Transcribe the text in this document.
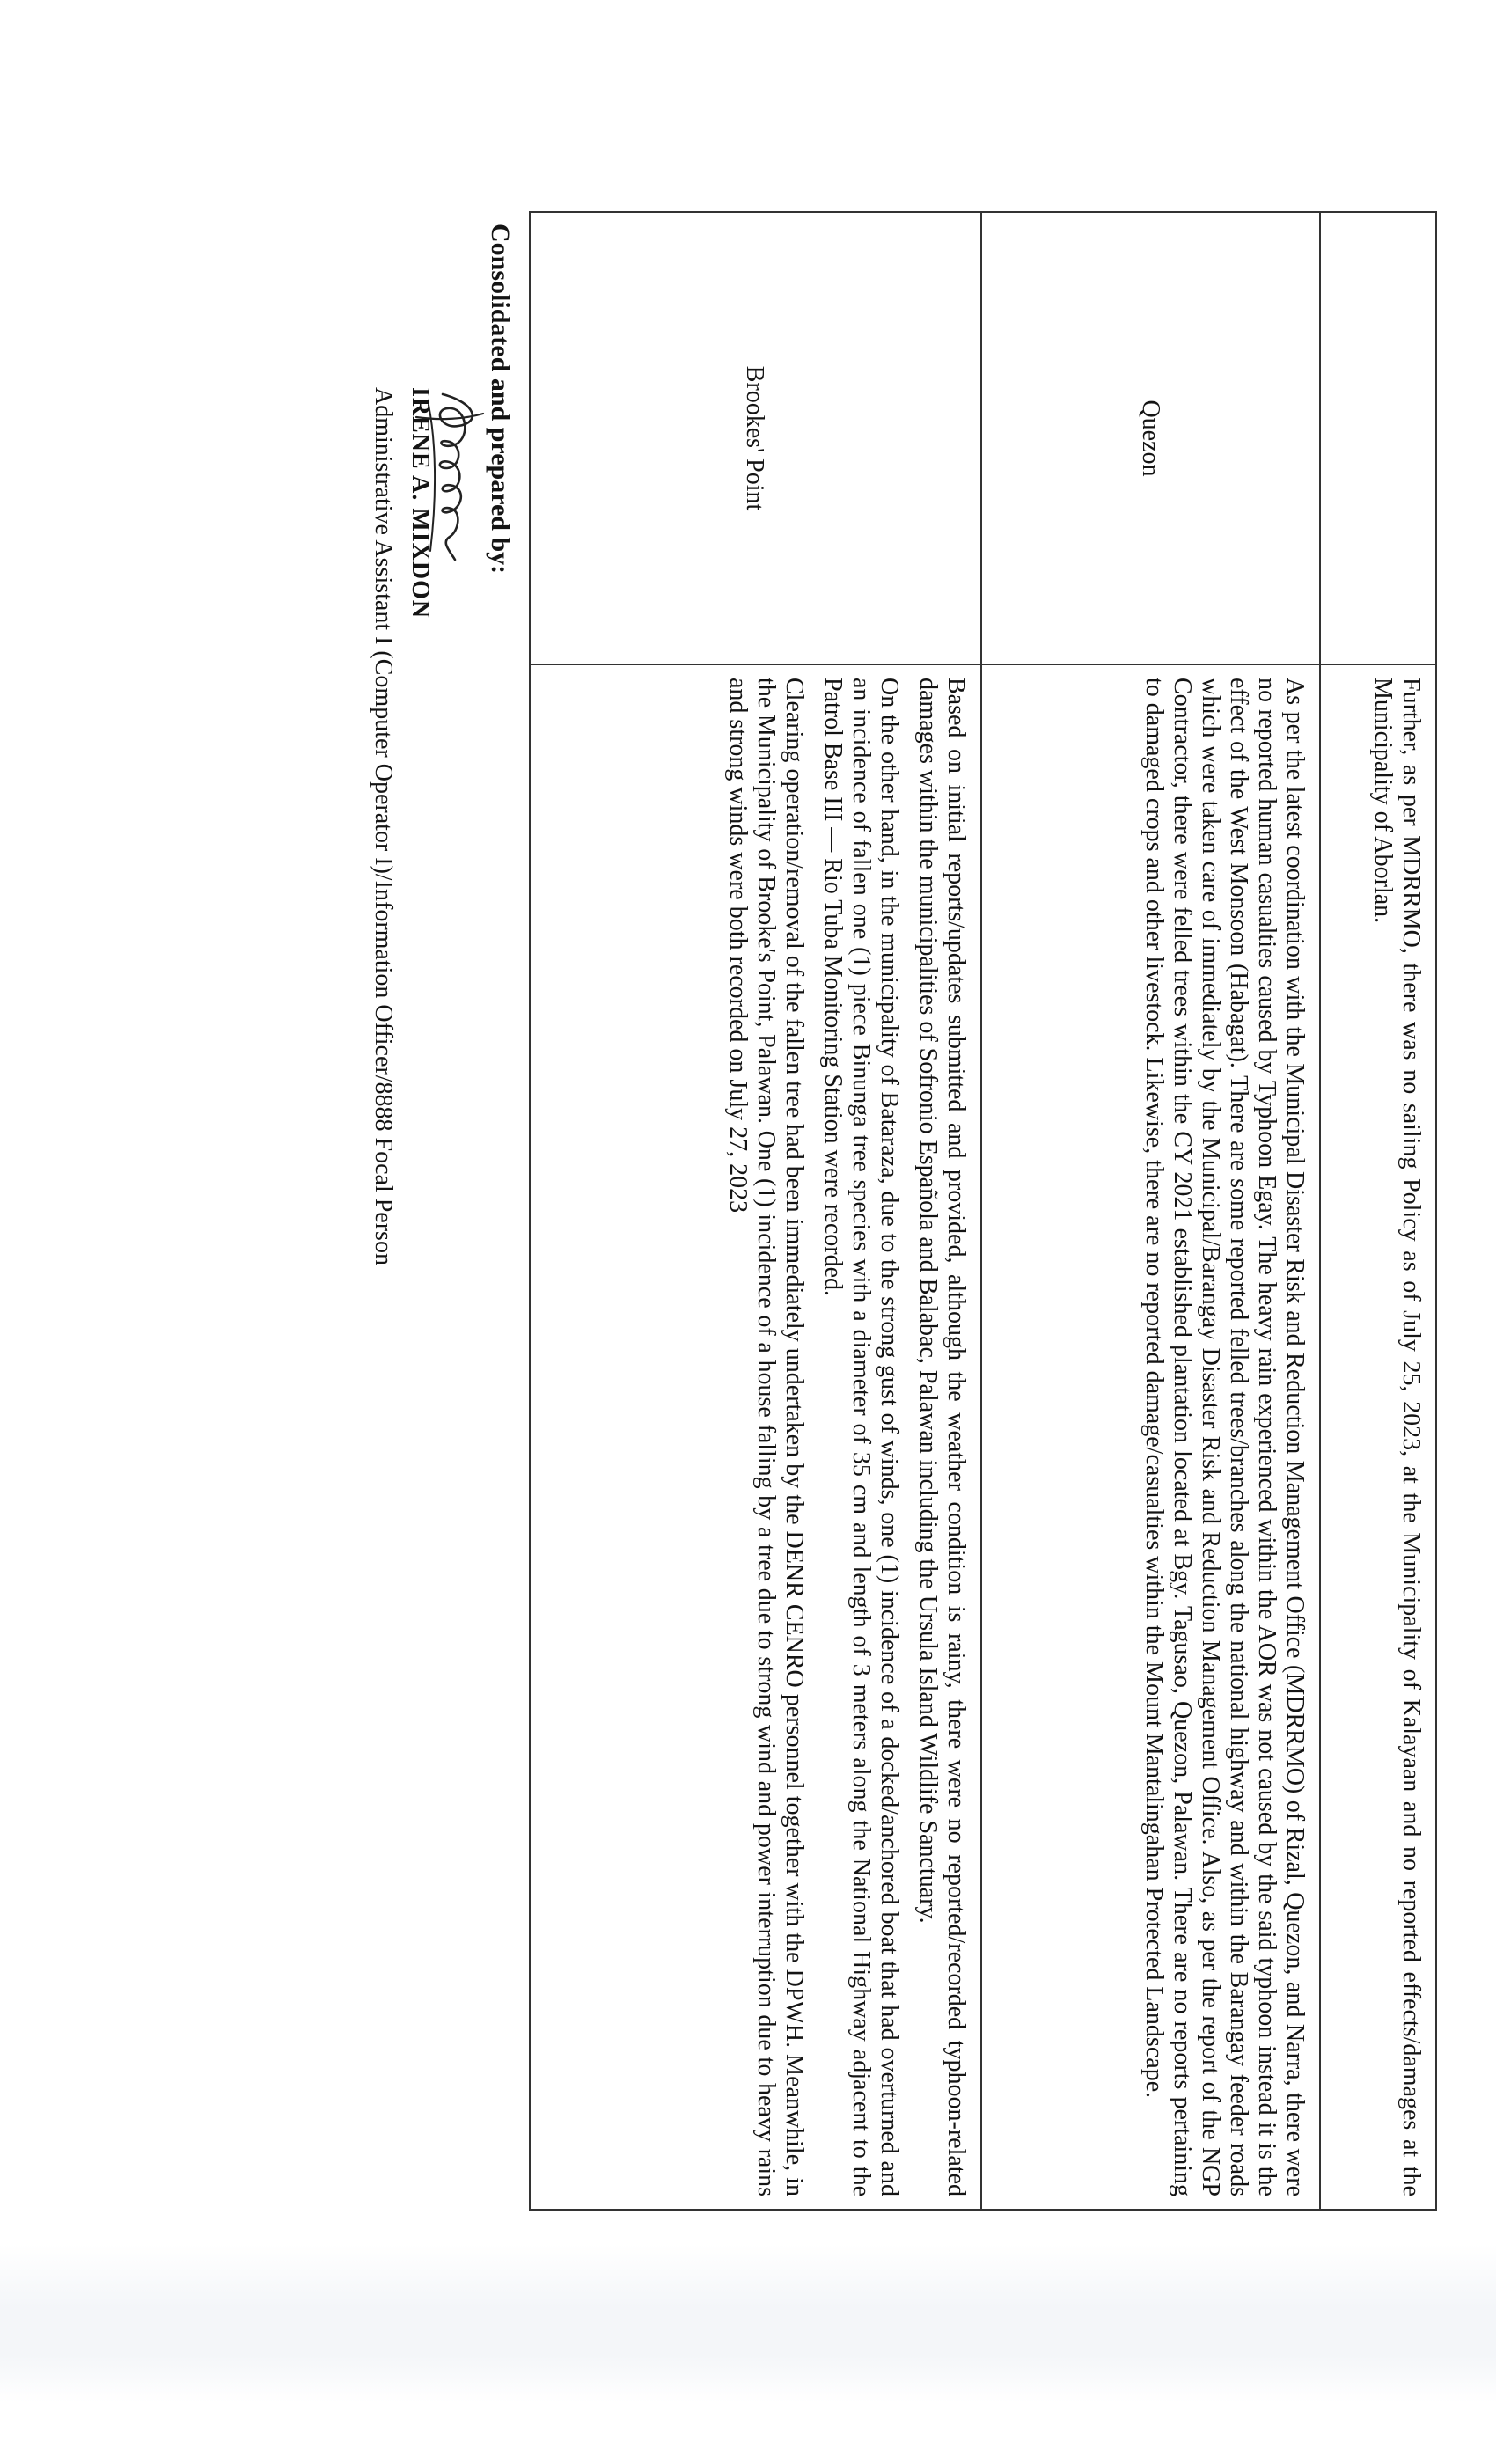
Further, as per MDRRMO, there was no sailing Policy as of July 25, 2023, at the Municipality of Kalayaan and no reported effects/damages at the Municipality of Aborlan.

Quezon

As per the latest coordination with the Municipal Disaster Risk and Reduction Management Office (MDRRMO) of Rizal, Quezon, and Narra, there were no reported human casualties caused by Typhoon Egay. The heavy rain experienced within the AOR was not caused by the said typhoon instead it is the effect of the West Monsoon (Habagat). There are some reported felled trees/branches along the national highway and within the Barangay feeder roads which were taken care of immediately by the Municipal/Barangay Disaster Risk and Reduction Management Office. Also, as per the report of the NGP Contractor, there were felled trees within the CY 2021 established plantation located at Bgy. Tagusao, Quezon, Palawan. There are no reports pertaining to damaged crops and other livestock. Likewise, there are no reported damage/casualties within the Mount Mantalingahan Protected Landscape.

Brookes' Point

Based on initial reports/updates submitted and provided, although the weather condition is rainy, there were no reported/recorded typhoon-related damages within the municipalities of Sofronio Española and Balabac, Palawan including the Ursula Island Wildlife Sanctuary.

On the other hand, in the municipality of Bataraza, due to the strong gust of winds, one (1) incidence of a docked/anchored boat that had overturned and an incidence of fallen one (1) piece Binunga tree species with a diameter of 35 cm and length of 3 meters along the National Highway adjacent to the Patrol Base III — Rio Tuba Monitoring Station were recorded.

Clearing operation/removal of the fallen tree had been immediately undertaken by the DENR CENRO personnel together with the DPWH. Meanwhile, in the Municipality of Brooke's Point, Palawan. One (1) incidence of a house falling by a tree due to strong wind and power interruption due to heavy rains and strong winds were both recorded on July 27, 2023

Consolidated and prepared by:
IRENE A. MIXDON
Administrative Assistant I (Computer Operator I)/Information Officer/8888 Focal Person
